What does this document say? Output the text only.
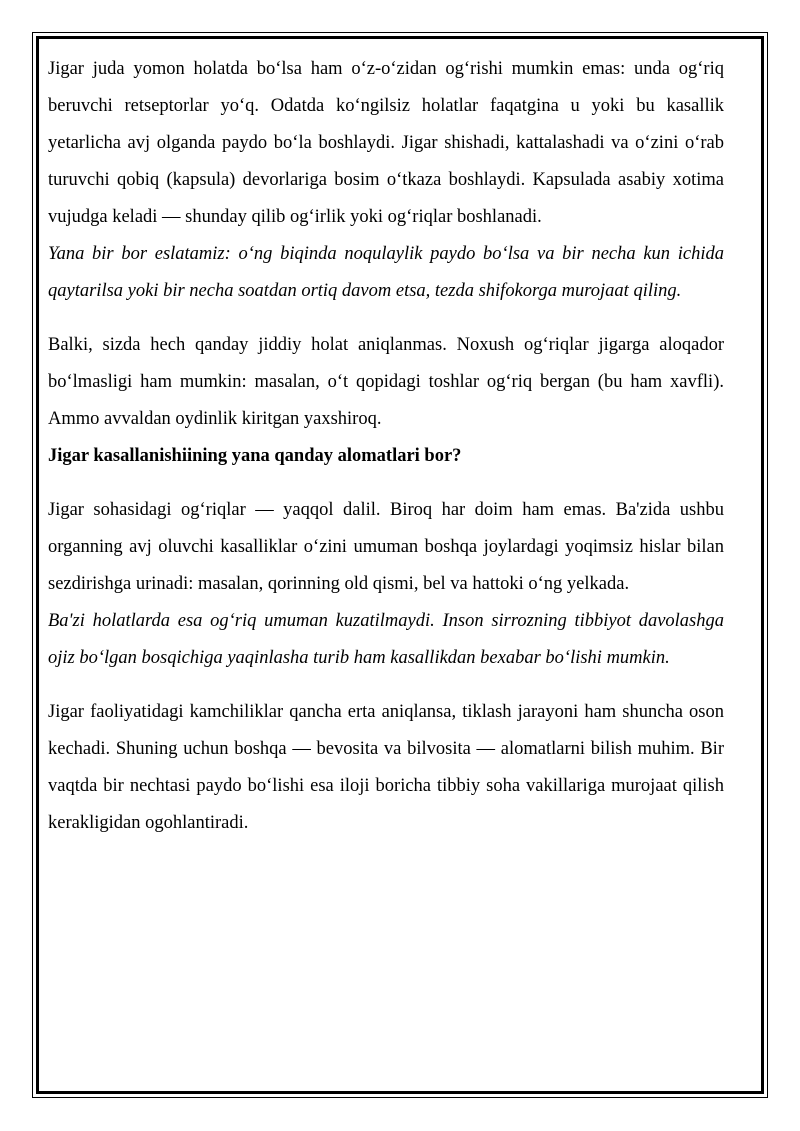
Jigar juda yomon holatda boʻlsa ham oʻz-oʻzidan ogʻrishi mumkin emas: unda ogʻriq beruvchi retseptorlar yoʻq. Odatda koʻngilsiz holatlar faqatgina u yoki bu kasallik yetarlicha avj olganda paydo boʻla boshlaydi. Jigar shishadi, kattalashadi va oʻzini oʻrab turuvchi qobiq (kapsula) devorlariga bosim oʻtkaza boshlaydi. Kapsulada asabiy xotima vujudga keladi — shunday qilib ogʻirlik yoki ogʻriqlar boshlanadi.

Yana bir bor eslatamiz: oʻng biqinda noqulaylik paydo boʻlsa va bir necha kun ichida qaytarilsa yoki bir necha soatdan ortiq davom etsa, tezda shifokorga murojaat qiling.

Balki, sizda hech qanday jiddiy holat aniqlanmas. Noxush ogʻriqlar jigarga aloqador boʻlmasligi ham mumkin: masalan, oʻt qopidagi toshlar ogʻriq bergan (bu ham xavfli). Ammo avvaldan oydinlik kiritgan yaxshiroq.

Jigar kasallanishiining yana qanday alomatlari bor?

Jigar sohasidagi ogʻriqlar — yaqqol dalil. Biroq har doim ham emas. Ba'zida ushbu organning avj oluvchi kasalliklar oʻzini umuman boshqa joylardagi yoqimsiz hislar bilan sezdirishga urinadi: masalan, qorinning old qismi, bel va hattoki oʻng yelkada.

Ba'zi holatlarda esa ogʻriq umuman kuzatilmaydi. Inson sirrozning tibbiyot davolashga ojiz boʻlgan bosqichiga yaqinlasha turib ham kasallikdan bexabar boʻlishi mumkin.

Jigar faoliyatidagi kamchiliklar qancha erta aniqlansa, tiklash jarayoni ham shuncha oson kechadi. Shuning uchun boshqa — bevosita va bilvosita — alomatlarni bilish muhim. Bir vaqtda bir nechtasi paydo boʻlishi esa iloji boricha tibbiy soha vakillariga murojaat qilish kerakligidan ogohlantiradi.
